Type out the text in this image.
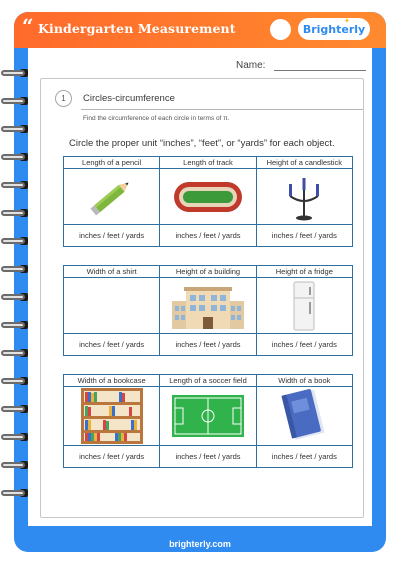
“ Kindergarten Measurement	✦
Brighterly
Name:
1	Circles-circumference
Find the circumference of each circle in terms of π.
Circle the proper unit “inches”, “feet”, or “yards” for each object.
Length of a pencil	Length of track	Height of a candlestick

inches / feet / yards	inches / feet / yards	inches / feet / yards
Width of a shirt	Height of a building	Height of a fridge

inches / feet / yards	inches / feet / yards	inches / feet / yards
Width of a bookcase	Length of a soccer field	Width of a book

inches / feet / yards	inches / feet / yards	inches / feet / yards
brighterly.com
